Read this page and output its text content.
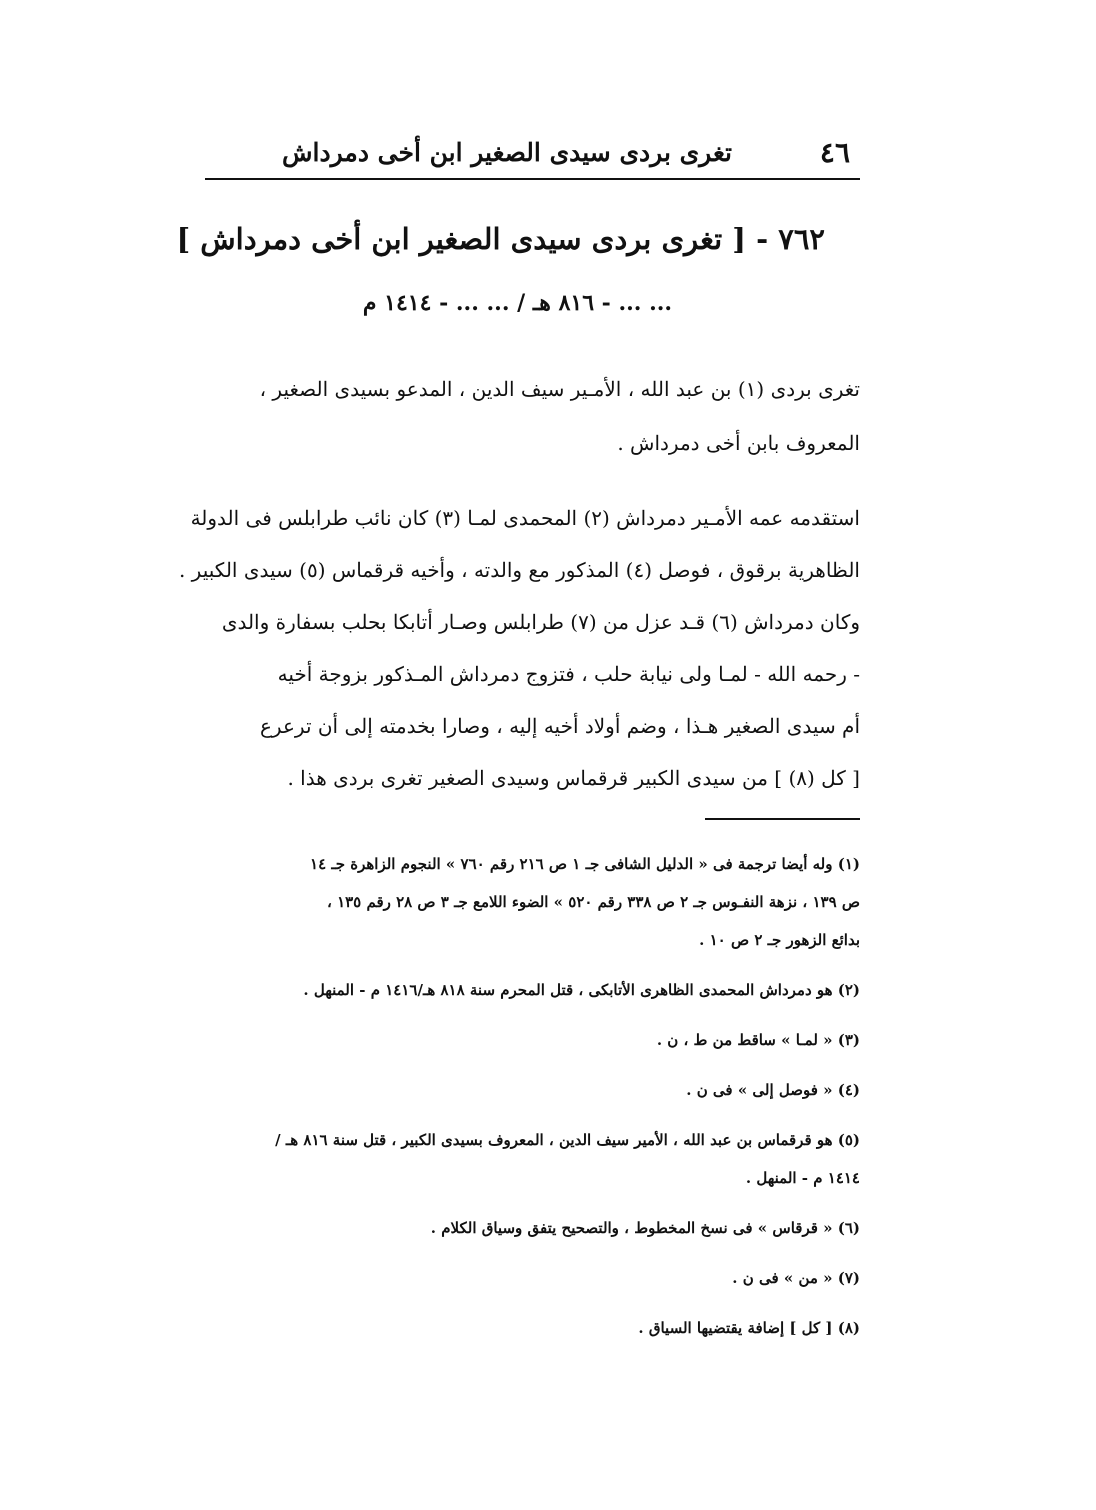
٤٦
تغرى بردى سيدى الصغير ابن أخى دمرداش
٧٦٢ - [ تغرى بردى سيدى الصغير ابن أخى دمرداش ]
... ... - ٨١٦ هـ / ... ... - ١٤١٤ م
تغرى بردى (١) بن عبد الله ، الأمـير سيف الدين ، المدعو بسيدى الصغير ،
المعروف بابن أخى دمرداش .
استقدمه عمه الأمـير دمرداش (٢) المحمدى لمـا (٣) كان نائب طرابلس فى الدولة
الظاهرية برقوق ، فوصل (٤) المذكور مع والدته ، وأخيه قرقماس (٥) سيدى الكبير .
وكان دمرداش (٦) قـد عزل من (٧) طرابلس وصـار أتابكا بحلب بسفارة والدى
- رحمه الله - لمـا ولى نيابة حلب ، فتزوج دمرداش المـذكور بزوجة أخيه
أم سيدى الصغير هـذا ، وضم أولاد أخيه إليه ، وصارا بخدمته إلى أن ترعرع
[ كل (٨) ] من سيدى الكبير قرقماس وسيدى الصغير تغرى بردى هذا .
(١) وله أيضا ترجمة فى « الدليل الشافى جـ ١ ص ٢١٦ رقم ٧٦٠ » النجوم الزاهرة جـ ١٤
ص ١٣٩ ، نزهة النفـوس جـ ٢ ص ٣٣٨ رقم ٥٢٠ » الضوء اللامع جـ ٣ ص ٢٨ رقم ١٣٥ ،
بدائع الزهور جـ ٢ ص ١٠ .
(٢) هو دمرداش المحمدى الظاهرى الأتابكى ، قتل المحرم سنة ٨١٨ هـ/١٤١٦ م - المنهل .
(٣) « لمـا » ساقط من ط ، ن .
(٤) « فوصل إلى » فى ن .
(٥) هو قرقماس بن عبد الله ، الأمير سيف الدين ، المعروف بسيدى الكبير ، قتل سنة ٨١٦ هـ /
١٤١٤ م - المنهل .
(٦) « قرقاس » فى نسخ المخطوط ، والتصحيح يتفق وسياق الكلام .
(٧) « من » فى ن .
(٨) [ كل ] إضافة يقتضيها السياق .
